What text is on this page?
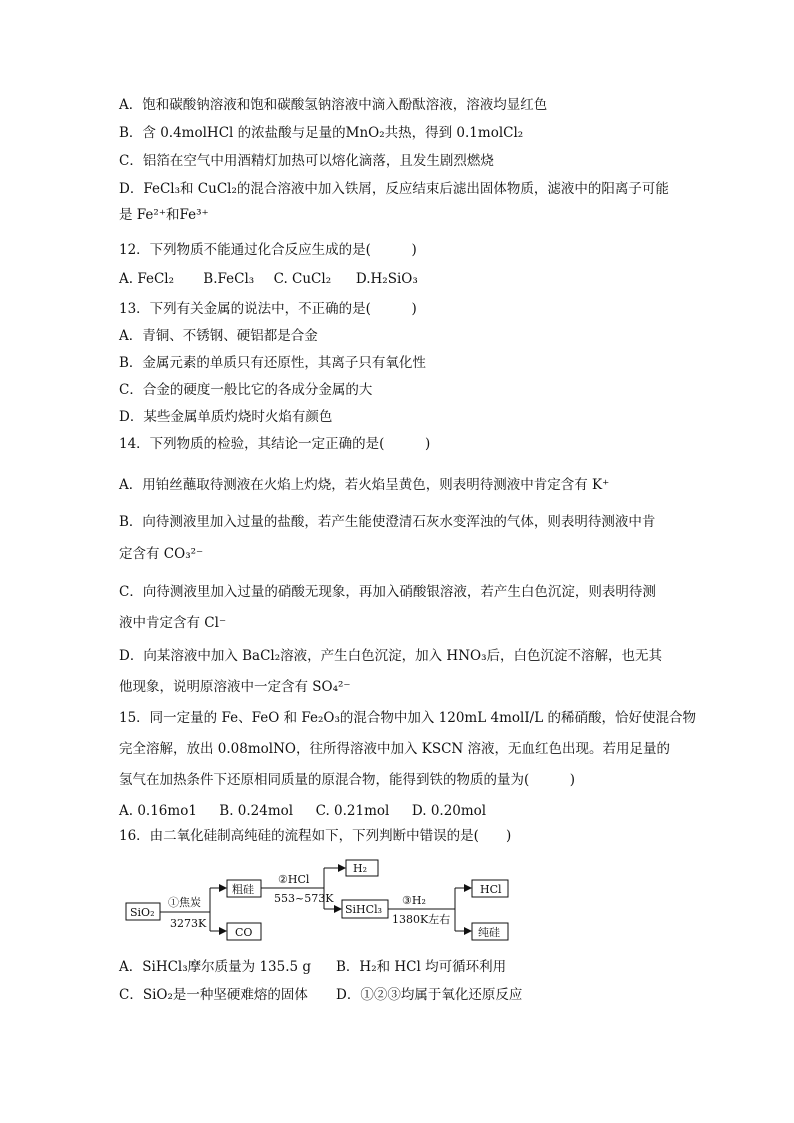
A．饱和碳酸钠溶液和饱和碳酸氢钠溶液中滴入酚酞溶液，溶液均显红色
B．含 0.4molHCl 的浓盐酸与足量的MnO₂共热，得到 0.1molCl₂
C．铝箔在空气中用酒精灯加热可以熔化滴落，且发生剧烈燃烧
D．FeCl₃和 CuCl₂的混合溶液中加入铁屑，反应结束后滤出固体物质，滤液中的阳离子可能
是 Fe²⁺和Fe³⁺
12．下列物质不能通过化合反应生成的是(　　　)
A. FeCl₂ B.FeCl₃ C. CuCl₂ D.H₂SiO₃
13．下列有关金属的说法中，不正确的是(　　　)
A．青铜、不锈钢、硬铝都是合金
B．金属元素的单质只有还原性，其离子只有氧化性
C．合金的硬度一般比它的各成分金属的大
D．某些金属单质灼烧时火焰有颜色
14．下列物质的检验，其结论一定正确的是(　　　)
A．用铂丝蘸取待测液在火焰上灼烧，若火焰呈黄色，则表明待测液中肯定含有 K⁺
B．向待测液里加入过量的盐酸，若产生能使澄清石灰水变浑浊的气体，则表明待测液中肯
定含有 CO₃²⁻
C．向待测液里加入过量的硝酸无现象，再加入硝酸银溶液，若产生白色沉淀，则表明待测
液中肯定含有 Cl⁻
D．向某溶液中加入 BaCl₂溶液，产生白色沉淀，加入 HNO₃后，白色沉淀不溶解，也无其
他现象，说明原溶液中一定含有 SO₄²⁻
15．同一定量的 Fe、FeO 和 Fe₂O₃的混合物中加入 120mL 4molI/L 的稀硝酸，恰好使混合物
完全溶解，放出 0.08molNO，往所得溶液中加入 KSCN 溶液，无血红色出现。若用足量的
氢气在加热条件下还原相同质量的原混合物，能得到铁的物质的量为(　　　)
A. 0.16mo1 B. 0.24mol C. 0.21mol D. 0.20mol
16．由二氧化硅制高纯硅的流程如下，下列判断中错误的是(　　)
SiO₂
①焦炭
3273K
粗硅
CO
②HCl
553~573K
H₂
SiHCl₃
③H₂
1380K左右
HCl
纯硅
A．SiHCl₃摩尔质量为 135.5 g B．H₂和 HCl 均可循环利用
C．SiO₂是一种坚硬难熔的固体 D．①②③均属于氧化还原反应
